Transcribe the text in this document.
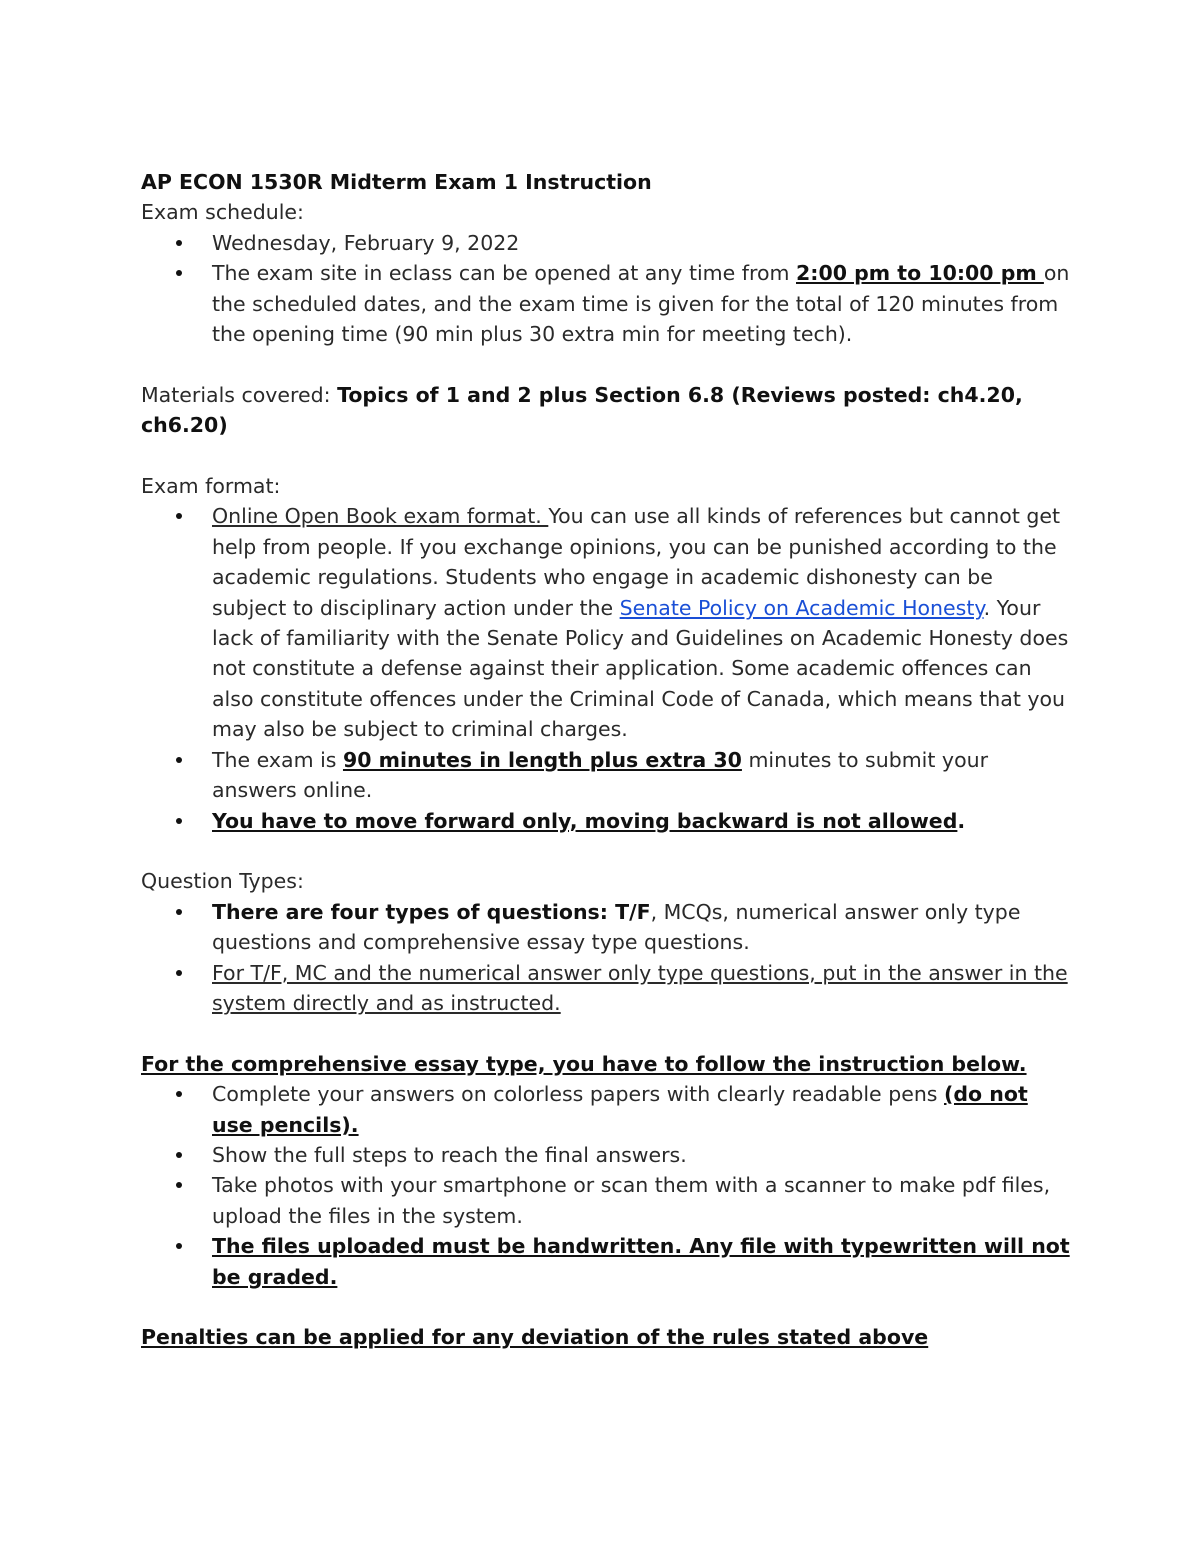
AP ECON 1530R Midterm Exam 1 Instruction

Exam schedule:

Wednesday, February 9, 2022
The exam site in eclass can be opened at any time from 2:00 pm to 10:00 pm on the scheduled dates, and the exam time is given for the total of 120 minutes from the opening time (90 min plus 30 extra min for meeting tech).

Materials covered: Topics of 1 and 2 plus Section 6.8 (Reviews posted: ch4.20, ch6.20)

Exam format:

Online Open Book exam format. You can use all kinds of references but cannot get help from people. If you exchange opinions, you can be punished according to the academic regulations. Students who engage in academic dishonesty can be subject to disciplinary action under the Senate Policy on Academic Honesty. Your lack of familiarity with the Senate Policy and Guidelines on Academic Honesty does not constitute a defense against their application. Some academic offences can also constitute offences under the Criminal Code of Canada, which means that you may also be subject to criminal charges.
The exam is 90 minutes in length plus extra 30 minutes to submit your answers online.
You have to move forward only, moving backward is not allowed.

Question Types:

There are four types of questions: T/F, MCQs, numerical answer only type questions and comprehensive essay type questions.
For T/F, MC and the numerical answer only type questions, put in the answer in the system directly and as instructed.

For the comprehensive essay type, you have to follow the instruction below.

Complete your answers on colorless papers with clearly readable pens (do not use pencils).
Show the full steps to reach the final answers.
Take photos with your smartphone or scan them with a scanner to make pdf files, upload the files in the system.
The files uploaded must be handwritten. Any file with typewritten will not be graded.

Penalties can be applied for any deviation of the rules stated above
